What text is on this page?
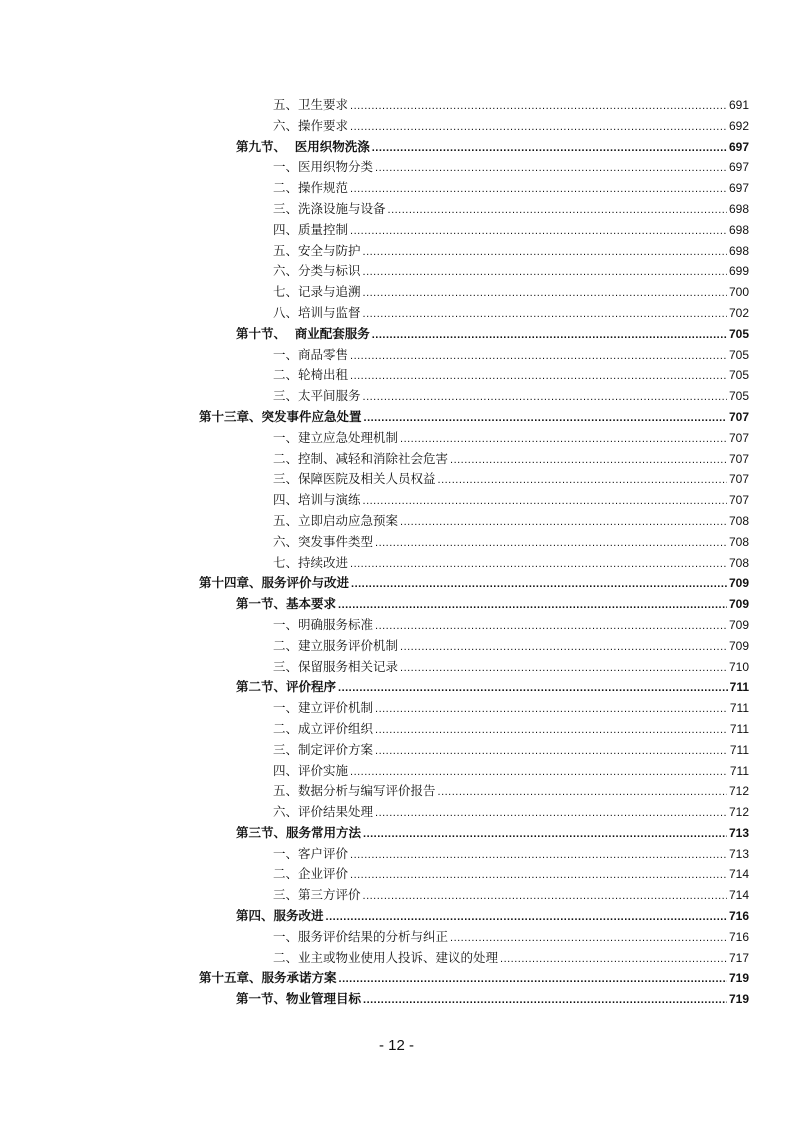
五、卫生要求 .....	691
六、操作要求 .....	692
第九节、  医用织物洗涤 .....	697
一、医用织物分类 .....	697
二、操作规范 .....	697
三、洗涤设施与设备 .....	698
四、质量控制 .....	698
五、安全与防护 .....	698
六、分类与标识 .....	699
七、记录与追溯 .....	700
八、培训与监督 .....	702
第十节、  商业配套服务 .....	705
一、商品零售 .....	705
二、轮椅出租 .....	705
三、太平间服务 .....	705
第十三章、突发事件应急处置 .....	707
一、建立应急处理机制 .....	707
二、控制、减轻和消除社会危害 .....	707
三、保障医院及相关人员权益 .....	707
四、培训与演练 .....	707
五、立即启动应急预案 .....	708
六、突发事件类型 .....	708
七、持续改进 .....	708
第十四章、服务评价与改进 .....	709
第一节、基本要求 .....	709
一、明确服务标准 .....	709
二、建立服务评价机制 .....	709
三、保留服务相关记录 .....	710
第二节、评价程序 .....	711
一、建立评价机制 .....	711
二、成立评价组织 .....	711
三、制定评价方案 .....	711
四、评价实施 .....	711
五、数据分析与编写评价报告 .....	712
六、评价结果处理 .....	712
第三节、服务常用方法 .....	713
一、客户评价 .....	713
二、企业评价 .....	714
三、第三方评价 .....	714
第四、服务改进 .....	716
一、服务评价结果的分析与纠正 .....	716
二、业主或物业使用人投诉、建议的处理 .....	717
第十五章、服务承诺方案 .....	719
第一节、物业管理目标 .....	719
- 12 -
